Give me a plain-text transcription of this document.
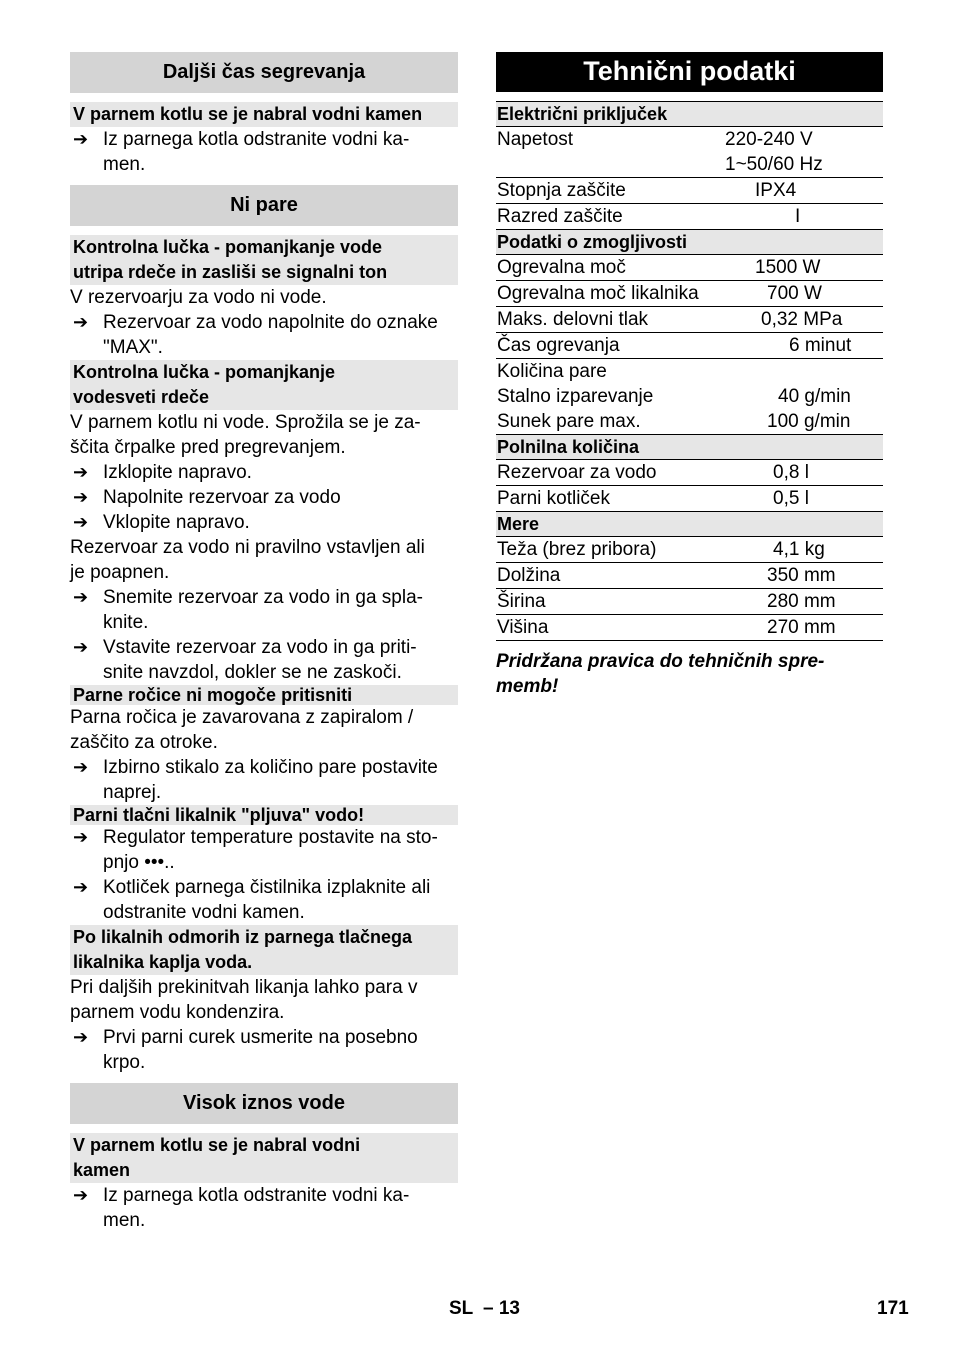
Daljši čas segrevanja
V parnem kotlu se je nabral vodni kamen
➔ Iz parnega kotla odstranite vodni ka-
men.
Ni pare
Kontrolna lučka - pomanjkanje vode
utripa rdeče in zasliši se signalni ton
V rezervoarju za vodo ni vode.
➔ Rezervoar za vodo napolnite do oznake
"MAX".
Kontrolna lučka - pomanjkanje
vodesveti rdeče
V parnem kotlu ni vode. Sprožila se je za-
ščita črpalke pred pregrevanjem.
➔ Izklopite napravo.
➔ Napolnite rezervoar za vodo
➔ Vklopite napravo.
Rezervoar za vodo ni pravilno vstavljen ali
je poapnen.
➔ Snemite rezervoar za vodo in ga spla-
knite.
➔ Vstavite rezervoar za vodo in ga priti-
snite navzdol, dokler se ne zaskoči.
Parne ročice ni mogoče pritisniti
Parna ročica je zavarovana z zapiralom /
zaščito za otroke.
➔ Izbirno stikalo za količino pare postavite
naprej.
Parni tlačni likalnik "pljuva" vodo!
➔ Regulator temperature postavite na sto-
pnjo •••..
➔ Kotliček parnega čistilnika izplaknite ali
odstranite vodni kamen.
Po likalnih odmorih iz parnega tlačnega
likalnika kaplja voda.
Pri daljših prekinitvah likanja lahko para v
parnem vodu kondenzira.
➔ Prvi parni curek usmerite na posebno
krpo.
Visok iznos vode
V parnem kotlu se je nabral vodni
kamen
➔ Iz parnega kotla odstranite vodni ka-
men.
Tehnični podatki
Električni priključek
Napetost	220-240 V
1~50/60 Hz
Stopnja zaščite	IPX4
Razred zaščite	I
Podatki o zmogljivosti
Ogrevalna moč	1500 W
Ogrevalna moč likalnika	700 W
Maks. delovni tlak	0,32 MPa
Čas ogrevanja	6 minut
Količina pare
Stalno izparevanje	40 g/min
Sunek pare max.	100 g/min
Polnilna količina
Rezervoar za vodo	0,8 l
Parni kotliček	0,5 l
Mere
Teža (brez pribora)	4,1 kg
Dolžina	350 mm
Širina	280 mm
Višina	270 mm
Pridržana pravica do tehničnih spre-
memb!
SL – 13	171
